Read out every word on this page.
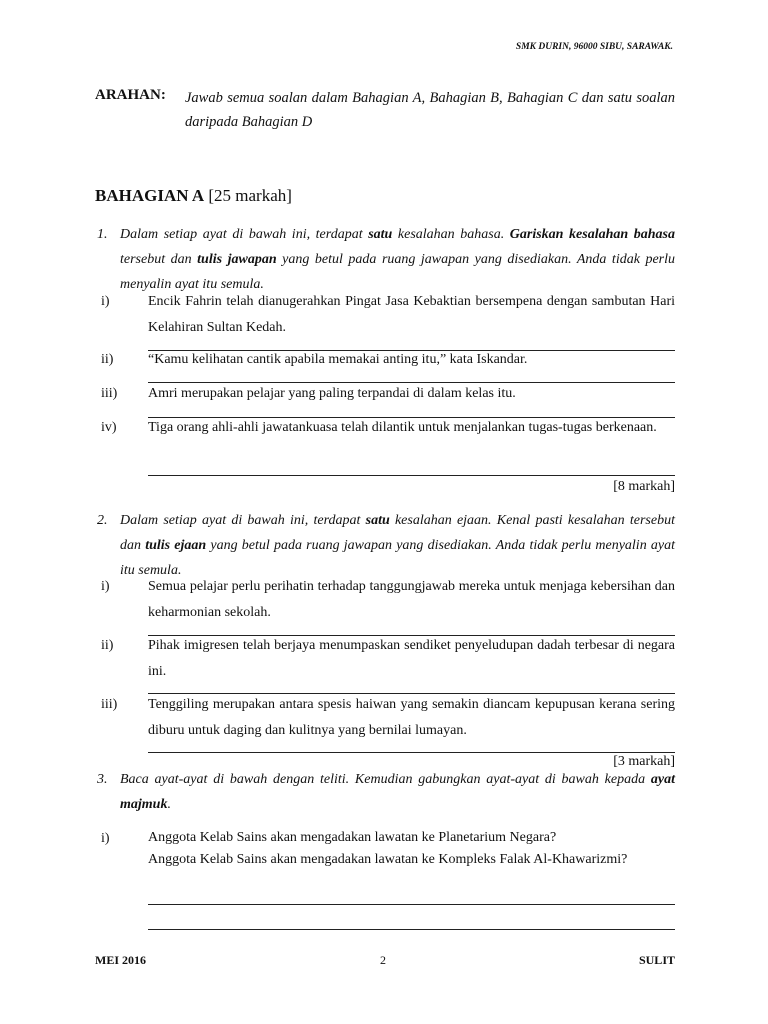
SMK DURIN, 96000 SIBU, SARAWAK.
ARAHAN: Jawab semua soalan dalam Bahagian A, Bahagian B, Bahagian C dan satu soalan daripada Bahagian D
BAHAGIAN A [25 markah]
1. Dalam setiap ayat di bawah ini, terdapat satu kesalahan bahasa. Gariskan kesalahan bahasa tersebut dan tulis jawapan yang betul pada ruang jawapan yang disediakan. Anda tidak perlu menyalin ayat itu semula.
i)	Encik Fahrin telah dianugerahkan Pingat Jasa Kebaktian bersempena dengan sambutan Hari Kelahiran Sultan Kedah.
ii) “Kamu kelihatan cantik apabila memakai anting itu,” kata Iskandar.
iii) Amri merupakan pelajar yang paling terpandai di dalam kelas itu.
iv) Tiga orang ahli-ahli jawatankuasa telah dilantik untuk menjalankan tugas-tugas berkenaan.
[8 markah]
2. Dalam setiap ayat di bawah ini, terdapat satu kesalahan ejaan. Kenal pasti kesalahan tersebut dan tulis ejaan yang betul pada ruang jawapan yang disediakan. Anda tidak perlu menyalin ayat itu semula.
i)	Semua pelajar perlu perihatin terhadap tanggungjawab mereka untuk menjaga kebersihan dan keharmonian sekolah.
ii) Pihak imigresen telah berjaya menumpaskan sendiket penyeludupan dadah terbesar di negara ini.
iii) Tenggiling merupakan antara spesis haiwan yang semakin diancam kepupusan kerana sering diburu untuk daging dan kulitnya yang bernilai lumayan.
[3 markah]
3. Baca ayat-ayat di bawah dengan teliti. Kemudian gabungkan ayat-ayat di bawah kepada ayat majmuk.
i)	Anggota Kelab Sains akan mengadakan lawatan ke Planetarium Negara?
Anggota Kelab Sains akan mengadakan lawatan ke Kompleks Falak Al-Khawarizmi?
MEI 2016	2	SULIT
